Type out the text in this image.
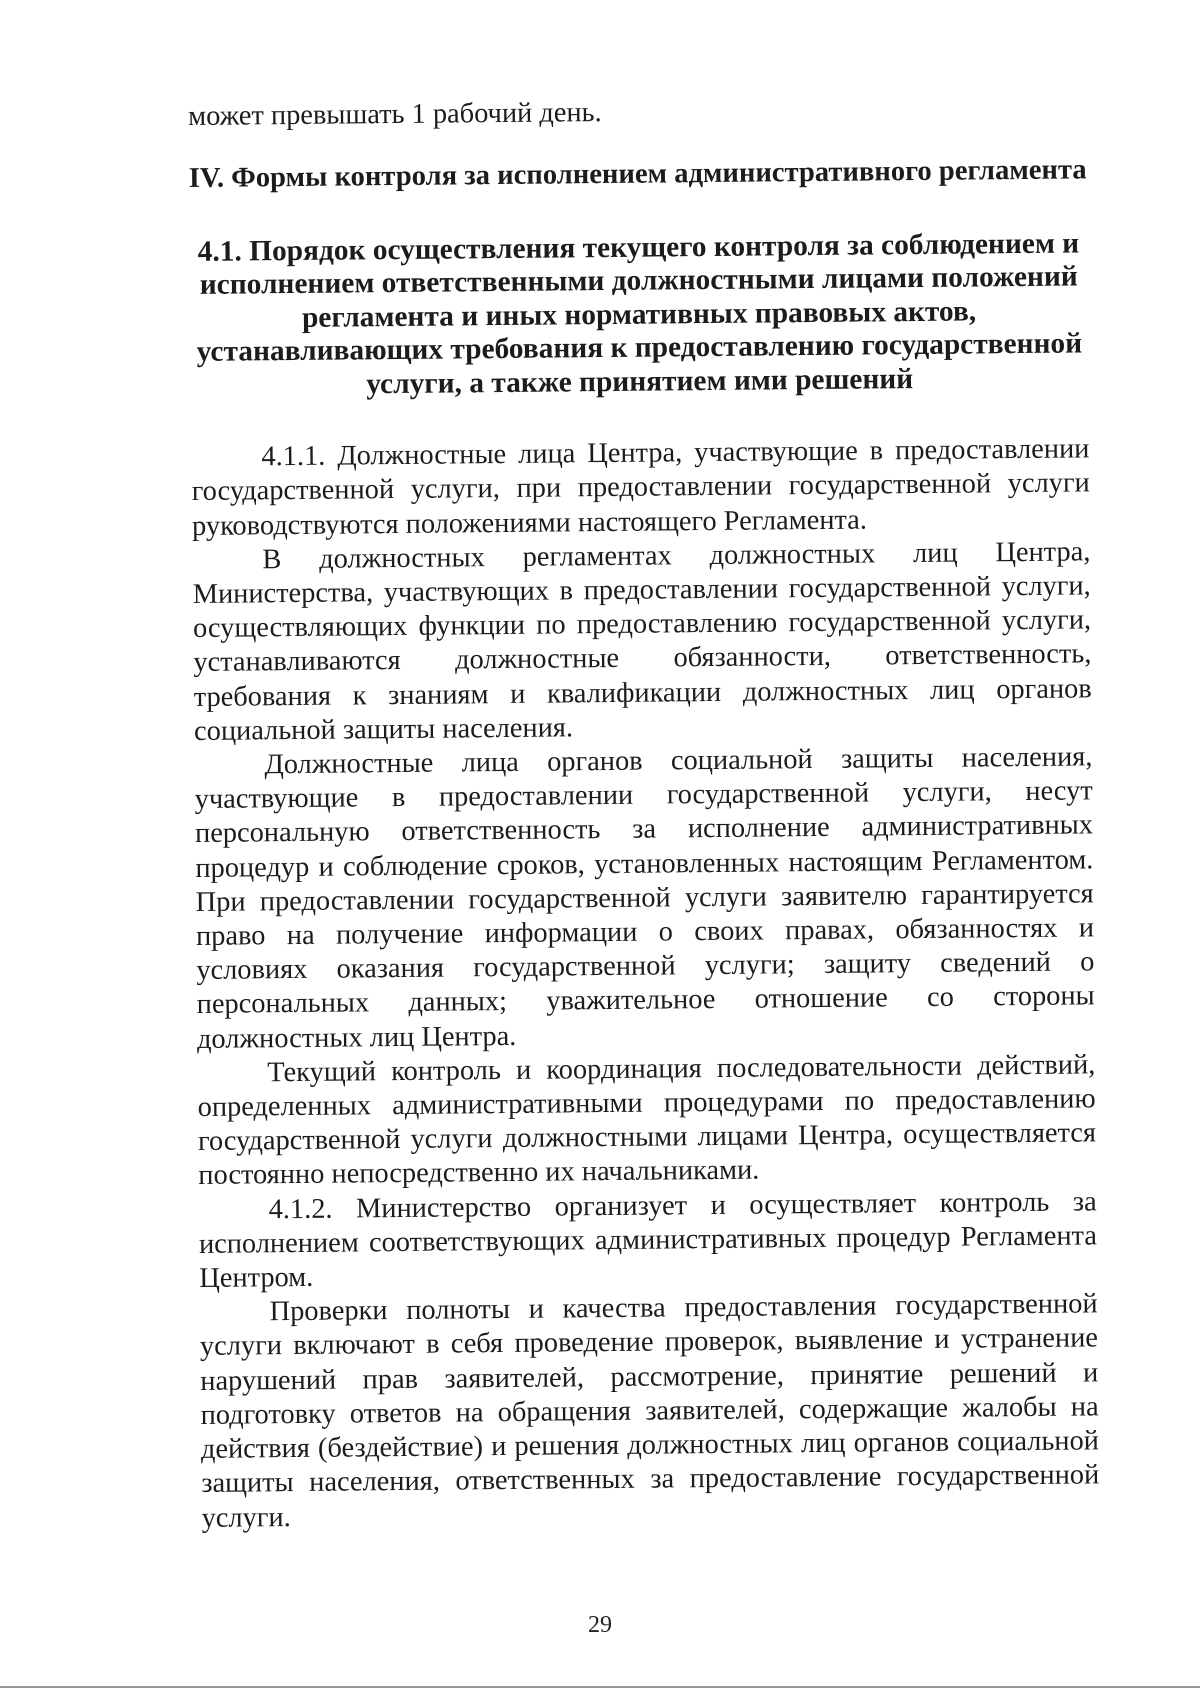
может превышать 1 рабочий день.

IV. Формы контроля за исполнением административного регламента

4.1. Порядок осуществления текущего контроля за соблюдением и исполнением ответственными должностными лицами положений регламента и иных нормативных правовых актов, устанавливающих требования к предоставлению государственной услуги, а также принятием ими решений

4.1.1. Должностные лица Центра, участвующие в предоставлении государственной услуги, при предоставлении государственной услуги руководствуются положениями настоящего Регламента.

В должностных регламентах должностных лиц Центра, Министерства, участвующих в предоставлении государственной услуги, осуществляющих функции по предоставлению государственной услуги, устанавливаются должностные обязанности, ответственность, требования к знаниям и квалификации должностных лиц органов социальной защиты населения.

Должностные лица органов социальной защиты населения, участвующие в предоставлении государственной услуги, несут персональную ответственность за исполнение административных процедур и соблюдение сроков, установленных настоящим Регламентом. При предоставлении государственной услуги заявителю гарантируется право на получение информации о своих правах, обязанностях и условиях оказания государственной услуги; защиту сведений о персональных данных; уважительное отношение со стороны должностных лиц Центра.

Текущий контроль и координация последовательности действий, определенных административными процедурами по предоставлению государственной услуги должностными лицами Центра, осуществляется постоянно непосредственно их начальниками.

4.1.2. Министерство организует и осуществляет контроль за исполнением соответствующих административных процедур Регламента Центром.

Проверки полноты и качества предоставления государственной услуги включают в себя проведение проверок, выявление и устранение нарушений прав заявителей, рассмотрение, принятие решений и подготовку ответов на обращения заявителей, содержащие жалобы на действия (бездействие) и решения должностных лиц органов социальной защиты населения, ответственных за предоставление государственной услуги.

29
